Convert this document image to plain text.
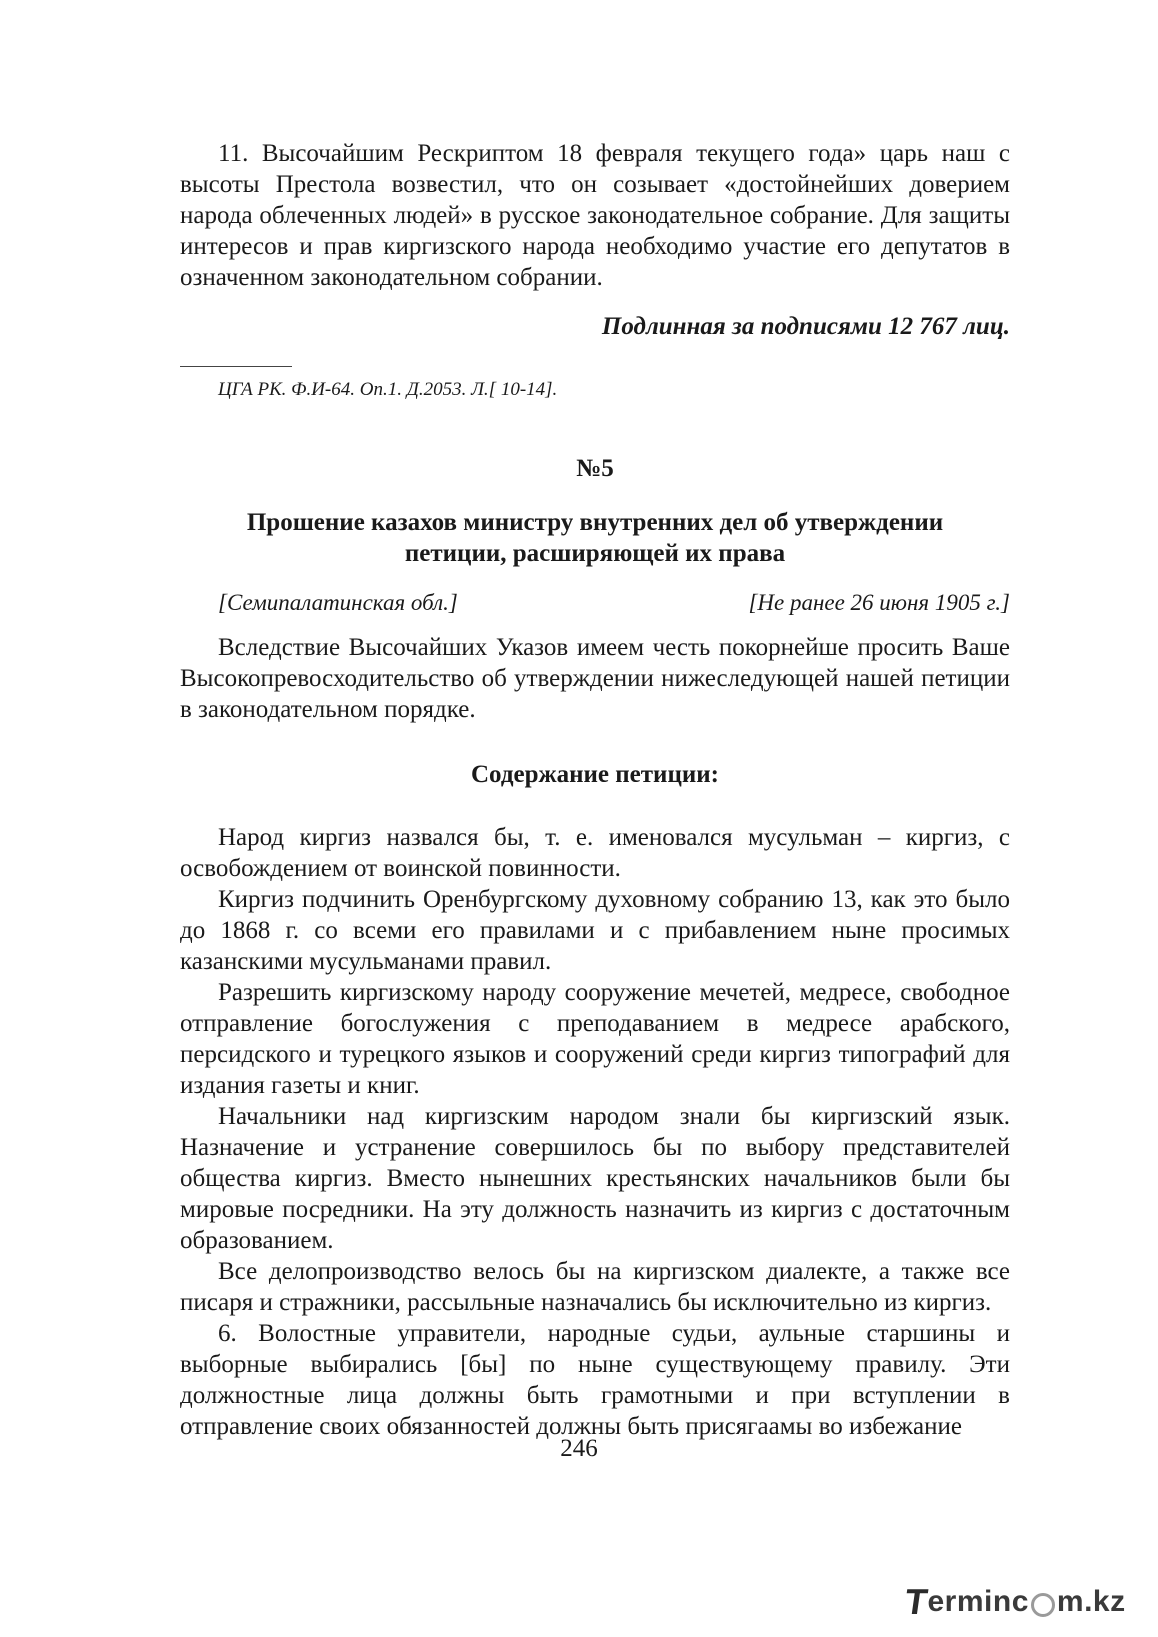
11. Высочайшим Рескриптом 18 февраля текущего года» царь наш с высоты Престола возвестил, что он созывает «достойнейших доверием народа облеченных людей» в русское законодательное собрание. Для защиты интересов и прав киргизского народа необходимо участие его депутатов в означенном законодательном собрании.

Подлинная за подписями 12 767 лиц.

ЦГА РК. Ф.И-64. Оп.1. Д.2053. Л.[ 10-14].

№5

Прошение казахов министру внутренних дел об утверждении
петиции, расширяющей их права
[Семипалатинская обл.]	[Не ранее 26 июня 1905 г.]

Вследствие Высочайших Указов имеем честь покорнейше просить Ваше Высокопревосходительство об утверждении нижеследующей нашей петиции в законодательном порядке.

Содержание петиции:

Народ киргиз назвался бы, т. е. именовался мусульман – киргиз, с освобождением от воинской повинности.

Киргиз подчинить Оренбургскому духовному собранию 13, как это было до 1868 г. со всеми его правилами и с прибавлением ныне просимых казанскими мусульманами правил.

Разрешить киргизскому народу сооружение мечетей, медресе, свободное отправление богослужения с преподаванием в медресе арабского, персидского и турецкого языков и сооружений среди киргиз типографий для издания газеты и книг.

Начальники над киргизским народом знали бы киргизский язык. Назначение и устранение совершилось бы по выбору представителей общества киргиз. Вместо нынешних крестьянских начальников были бы мировые посредники. На эту должность назначить из киргиз с достаточным образованием.

Все делопроизводство велось бы на киргизском диалекте, а также все писаря и стражники, рассыльные назначались бы исключительно из киргиз.

6. Волостные управители, народные судьи, аульные старшины и выборные выбирались [бы] по ныне существующему правилу. Эти должностные лица должны быть грамотными и при вступлении в отправление своих обязанностей должны быть присягаамы во избежание

246
T
erminc m.kz
